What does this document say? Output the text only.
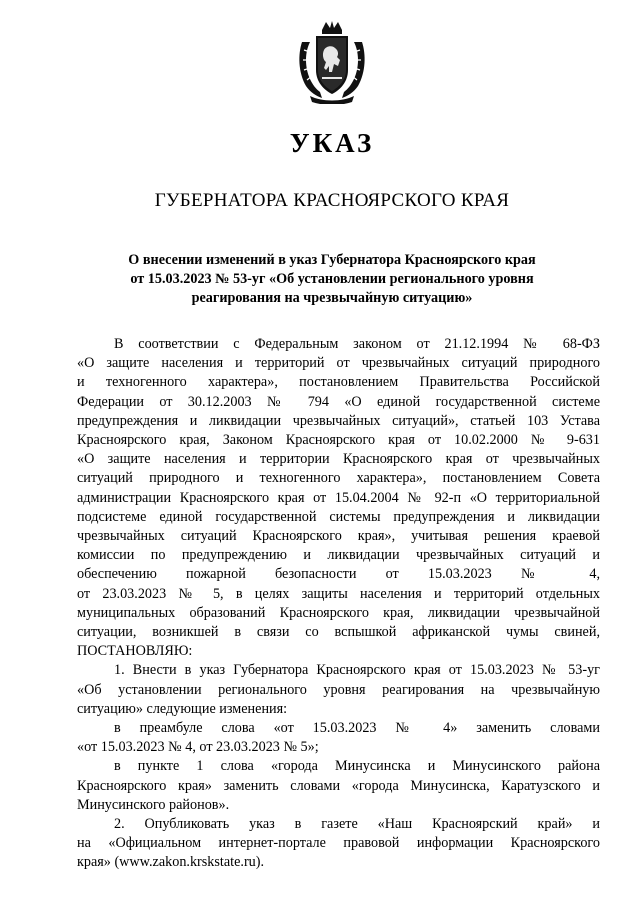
УКАЗ
ГУБЕРНАТОРА КРАСНОЯРСКОГО КРАЯ
О внесении изменений в указ Губернатора Красноярского края
от 15.03.2023 № 53-уг «Об установлении регионального уровня
реагирования на чрезвычайную ситуацию»
В соответствии с Федеральным законом от 21.12.1994 № 68-ФЗ
«О защите населения и территорий от чрезвычайных ситуаций природного
и техногенного характера», постановлением Правительства Российской
Федерации от 30.12.2003 № 794 «О единой государственной системе
предупреждения и ликвидации чрезвычайных ситуаций», статьей 103 Устава
Красноярского края, Законом Красноярского края от 10.02.2000 № 9-631
«О защите населения и территории Красноярского края от чрезвычайных
ситуаций природного и техногенного характера», постановлением Совета
администрации Красноярского края от 15.04.2004 № 92-п «О территориальной
подсистеме единой государственной системы предупреждения и ликвидации
чрезвычайных ситуаций Красноярского края», учитывая решения краевой
комиссии по предупреждению и ликвидации чрезвычайных ситуаций и
обеспечению пожарной безопасности от 15.03.2023 № 4,
от 23.03.2023 № 5, в целях защиты населения и территорий отдельных
муниципальных образований Красноярского края, ликвидации чрезвычайной
ситуации, возникшей в связи со вспышкой африканской чумы свиней,
ПОСТАНОВЛЯЮ:
1. Внести в указ Губернатора Красноярского края от 15.03.2023 № 53-уг
«Об установлении регионального уровня реагирования на чрезвычайную
ситуацию» следующие изменения:
в преамбуле слова «от 15.03.2023 № 4» заменить словами
«от 15.03.2023 № 4, от 23.03.2023 № 5»;
в пункте 1 слова «города Минусинска и Минусинского района
Красноярского края» заменить словами «города Минусинска, Каратузского и
Минусинского районов».
2. Опубликовать указ в газете «Наш Красноярский край» и
на «Официальном интернет-портале правовой информации Красноярского
края» (www.zakon.krskstate.ru).
